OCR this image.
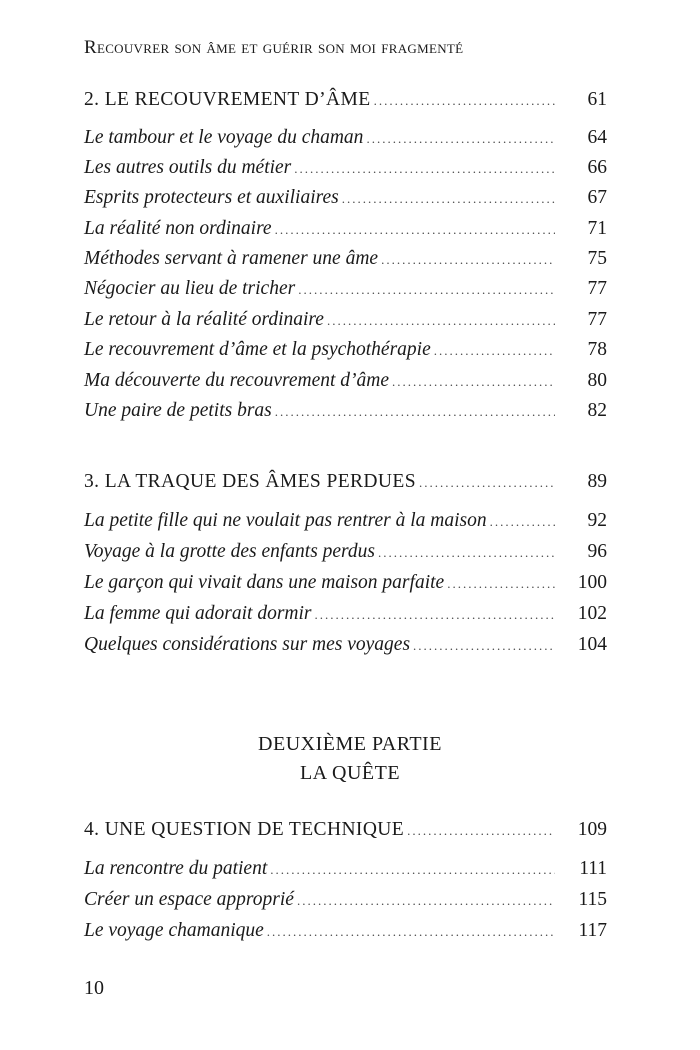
Recouvrer son âme et guérir son moi fragmenté
2. LE RECOUVREMENT D’ÂME .....	61
Le tambour et le voyage du chaman .....	64
Les autres outils du métier .....	66
Esprits protecteurs et auxiliaires .....	67
La réalité non ordinaire .....	71
Méthodes servant à ramener une âme .....	75
Négocier au lieu de tricher .....	77
Le retour à la réalité ordinaire .....	77
Le recouvrement d’âme et la psychothérapie .....	78
Ma découverte du recouvrement d’âme .....	80
Une paire de petits bras .....	82
3. LA TRAQUE DES ÂMES PERDUES .....	89
La petite fille qui ne voulait pas rentrer à la maison .....	92
Voyage à la grotte des enfants perdus .....	96
Le garçon qui vivait dans une maison parfaite .....	100
La femme qui adorait dormir .....	102
Quelques considérations sur mes voyages .....	104
DEUXIÈME PARTIE
LA QUÊTE
4. UNE QUESTION DE TECHNIQUE .....	109
La rencontre du patient .....	111
Créer un espace approprié .....	115
Le voyage chamanique .....	117
10
